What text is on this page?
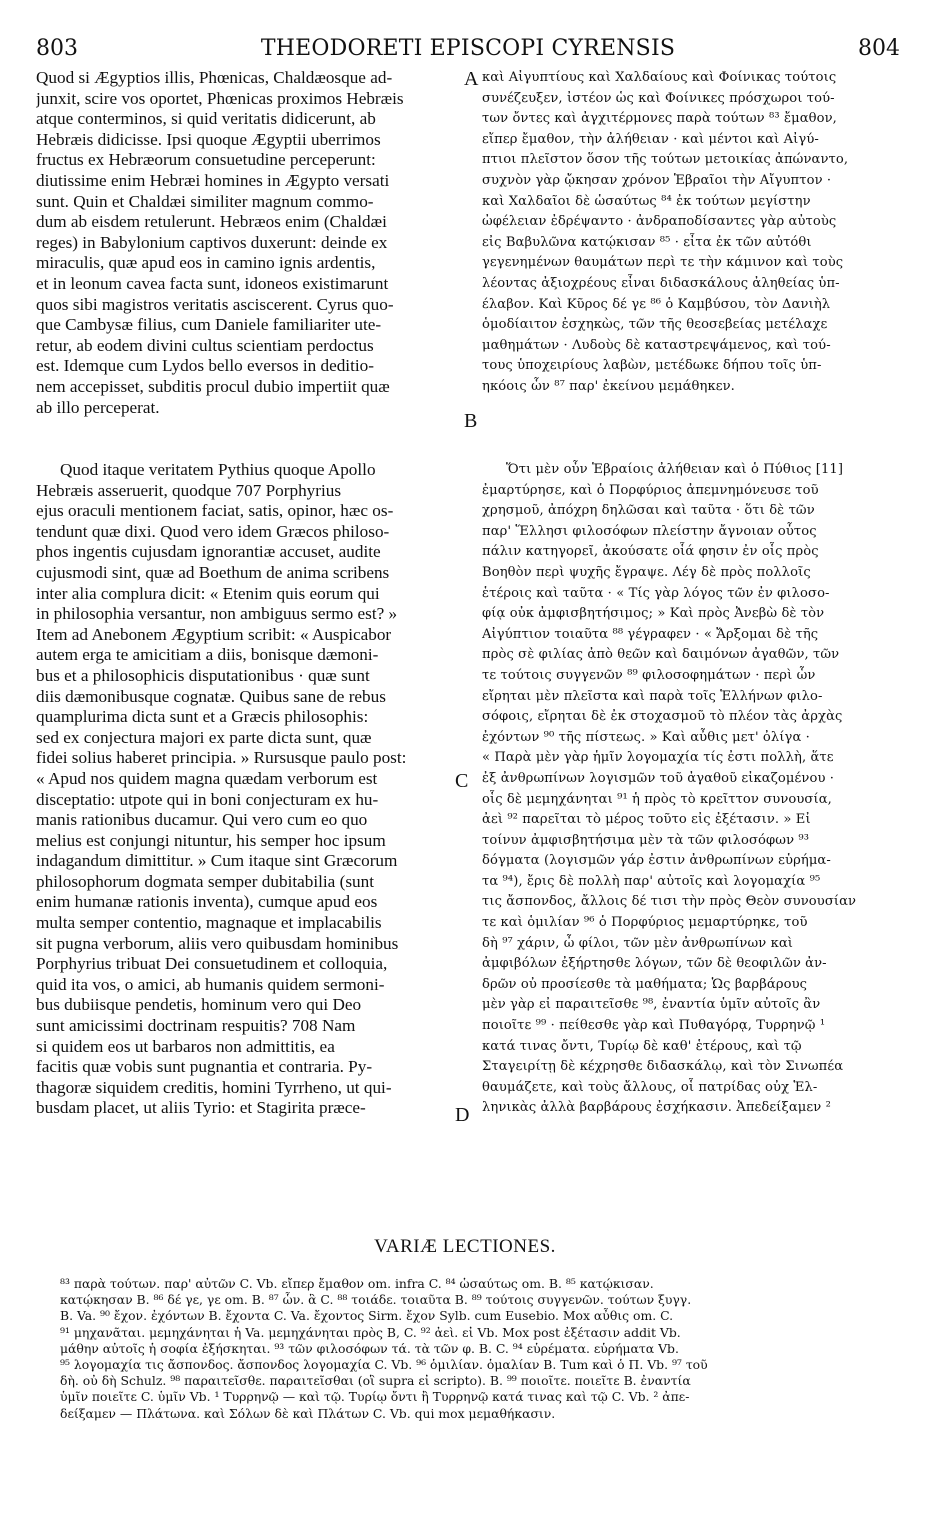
803	THEODORETI EPISCOPI CYRENSIS	804
Quod si Ægyptios illis, Phœnicas, Chaldæosque ad-
junxit, scire vos oportet, Phœnicas proximos Hebræis
atque conterminos, si quid veritatis didicerunt, ab
Hebræis didicisse. Ipsi quoque Ægyptii uberrimos
fructus ex Hebræorum consuetudine perceperunt:
diutissime enim Hebræi homines in Ægypto versati
sunt. Quin et Chaldæi similiter magnum commo-
dum ab eisdem retulerunt. Hebræos enim (Chaldæi
reges) in Babylonium captivos duxerunt: deinde ex
miraculis, quæ apud eos in camino ignis ardentis,
et in leonum cavea facta sunt, idoneos existimarunt
quos sibi magistros veritatis asciscerent. Cyrus quo-
que Cambysæ filius, cum Daniele familiariter ute-
retur, ab eodem divini cultus scientiam perdoctus
est. Idemque cum Lydos bello eversos in deditio-
nem accepisset, subditis procul dubio impertiit quæ
ab illo perceperat.
καὶ Αἰγυπτίους καὶ Χαλδαίους καὶ Φοίνικας τούτοις
συνέζευξεν, ἰστέον ὡς καὶ Φοίνικες πρόσχωροι τού-
των ὄντες καὶ ἀγχιτέρμονες παρὰ τούτων ⁸³ ἔμαθον,
εἴπερ ἔμαθον, τὴν ἀλήθειαν · καὶ μέντοι καὶ Αἰγύ-
πτιοι πλεῖστον ὅσον τῆς τούτων μετοικίας ἀπώναντο,
συχνὸν γὰρ ᾤκησαν χρόνον Ἑβραῖοι τὴν Αἴγυπτον ·
καὶ Χαλδαῖοι δὲ ὡσαύτως ⁸⁴ ἐκ τούτων μεγίστην
ὠφέλειαν ἐδρέψαντο · ἀνδραποδίσαντες γὰρ αὐτοὺς
εἰς Βαβυλῶνα κατῴκισαν ⁸⁵ · εἶτα ἐκ τῶν αὐτόθι
γεγενημένων θαυμάτων περὶ τε τὴν κάμινον καὶ τοὺς
λέοντας ἀξιοχρέους εἶναι διδασκάλους ἀληθείας ὑπ-
έλαβον. Καὶ Κῦρος δέ γε ⁸⁶ ὁ Καμβύσου, τὸν Δανιὴλ
ὁμοδίαιτον ἐσχηκὼς, τῶν τῆς θεοσεβείας μετέλαχε
μαθημάτων · Λυδοὺς δὲ καταστρεψάμενος, καὶ τού-
τους ὑποχειρίους λαβὼν, μετέδωκε δήπου τοῖς ὑπ-
ηκόοις ὧν ⁸⁷ παρ' ἐκείνου μεμάθηκεν.
A
B
C
D
Quod itaque veritatem Pythius quoque Apollo
Hebræis asseruerit, quodque 707 Porphyrius
ejus oraculi mentionem faciat, satis, opinor, hæc os-
tendunt quæ dixi. Quod vero idem Græcos philoso-
phos ingentis cujusdam ignorantiæ accuset, audite
cujusmodi sint, quæ ad Boethum de anima scribens
inter alia complura dicit: « Etenim quis eorum qui
in philosophia versantur, non ambiguus sermo est? »
Item ad Anebonem Ægyptium scribit: « Auspicabor
autem erga te amicitiam a diis, bonisque dæmoni-
bus et a philosophicis disputationibus · quæ sunt
diis dæmonibusque cognatæ. Quibus sane de rebus
quamplurima dicta sunt et a Græcis philosophis:
sed ex conjectura majori ex parte dicta sunt, quæ
fidei solius haberet principia. » Rursusque paulo post:
« Apud nos quidem magna quædam verborum est
disceptatio: utpote qui in boni conjecturam ex hu-
manis rationibus ducamur. Qui vero cum eo quo
melius est conjungi nituntur, his semper hoc ipsum
indagandum dimittitur. » Cum itaque sint Græcorum
philosophorum dogmata semper dubitabilia (sunt
enim humanæ rationis inventa), cumque apud eos
multa semper contentio, magnaque et implacabilis
sit pugna verborum, aliis vero quibusdam hominibus
Porphyrius tribuat Dei consuetudinem et colloquia,
quid ita vos, o amici, ab humanis quidem sermoni-
bus dubiisque pendetis, hominum vero qui Deo
sunt amicissimi doctrinam respuitis? 708 Nam
si quidem eos ut barbaros non admittitis, ea
facitis quæ vobis sunt pugnantia et contraria. Py-
thagoræ siquidem creditis, homini Tyrrheno, ut qui-
busdam placet, ut aliis Tyrio: et Stagirita præce-
Ὅτι μὲν οὖν Ἑβραίοις ἀλήθειαν καὶ ὁ Πύθιος [11]
ἐμαρτύρησε, καὶ ὁ Πορφύριος ἀπεμνημόνευσε τοῦ
χρησμοῦ, ἀπόχρη δηλῶσαι καὶ ταῦτα · ὅτι δὲ τῶν
παρ' Ἕλλησι φιλοσόφων πλείστην ἄγνοιαν οὗτος
πάλιν κατηγορεῖ, ἀκούσατε οἷά φησιν ἐν οἷς πρὸς
Βοηθὸν περὶ ψυχῆς ἔγραψε. Λέγ δὲ πρὸς πολλοῖς
ἑτέροις καὶ ταῦτα · « Τίς γὰρ λόγος τῶν ἐν φιλοσο-
φίᾳ οὐκ ἀμφισβητήσιμος; » Καὶ πρὸς Ἀνεβὼ δὲ τὸν
Αἰγύπτιον τοιαῦτα ⁸⁸ γέγραφεν · « Ἄρξομαι δὲ τῆς
πρὸς σὲ φιλίας ἀπὸ θεῶν καὶ δαιμόνων ἀγαθῶν, τῶν
τε τούτοις συγγενῶν ⁸⁹ φιλοσοφημάτων · περὶ ὧν
εἴρηται μὲν πλεῖστα καὶ παρὰ τοῖς Ἑλλήνων φιλο-
σόφοις, εἴρηται δὲ ἐκ στοχασμοῦ τὸ πλέον τὰς ἀρχὰς
ἐχόντων ⁹⁰ τῆς πίστεως. » Καὶ αὖθις μετ' ὀλίγα ·
« Παρὰ μὲν γὰρ ἡμῖν λογομαχία τίς ἐστι πολλὴ, ἅτε
ἐξ ἀνθρωπίνων λογισμῶν τοῦ ἀγαθοῦ εἰκαζομένου ·
οἷς δὲ μεμηχάνηται ⁹¹ ἡ πρὸς τὸ κρεῖττον συνουσία,
ἀεὶ ⁹² παρεῖται τὸ μέρος τοῦτο εἰς ἐξέτασιν. » Εἰ
τοίνυν ἀμφισβητήσιμα μὲν τὰ τῶν φιλοσόφων ⁹³
δόγματα (λογισμῶν γάρ ἐστιν ἀνθρωπίνων εὑρήμα-
τα ⁹⁴), ἔρις δὲ πολλὴ παρ' αὐτοῖς καὶ λογομαχία ⁹⁵
τις ἄσπονδος, ἄλλοις δέ τισι τὴν πρὸς Θεὸν συνουσίαν
τε καὶ ὁμιλίαν ⁹⁶ ὁ Πορφύριος μεμαρτύρηκε, τοῦ
δὴ ⁹⁷ χάριν, ὦ φίλοι, τῶν μὲν ἀνθρωπίνων καὶ
ἀμφιβόλων ἐξήρτησθε λόγων, τῶν δὲ θεοφιλῶν ἀν-
δρῶν οὐ προσίεσθε τὰ μαθήματα; Ὡς βαρβάρους
μὲν γὰρ εἰ παραιτεῖσθε ⁹⁸, ἐναντία ὑμῖν αὐτοῖς ἂν
ποιοῖτε ⁹⁹ · πείθεσθε γὰρ καὶ Πυθαγόρᾳ, Τυρρηνῷ ¹
κατά τινας ὄντι, Τυρίῳ δὲ καθ' ἑτέρους, καὶ τῷ
Σταγειρίτῃ δὲ κέχρησθε διδασκάλῳ, καὶ τὸν Σινωπέα
θαυμάζετε, καὶ τοὺς ἄλλους, οἷ πατρίδας οὐχ Ἑλ-
ληνικὰς ἀλλὰ βαρβάρους ἐσχήκασιν. Ἀπεδείξαμεν ²
VARIÆ LECTIONES.
⁸³ παρὰ τούτων. παρ' αὐτῶν C. Vb. εἴπερ ἔμαθον om. infra C. ⁸⁴ ὡσαύτως om. B. ⁸⁵ κατῴκισαν.
κατῴκησαν B. ⁸⁶ δέ γε, γε om. B. ⁸⁷ ὧν. ἃ C. ⁸⁸ τοιάδε. τοιαῦτα B. ⁸⁹ τούτοις συγγενῶν. τούτων ξυγγ.
B. Va. ⁹⁰ ἔχον. ἐχόντων B. ἔχοντα C. Va. ἔχοντος Sirm. ἔχον Sylb. cum Eusebio. Mox αὖθις om. C.
⁹¹ μηχανᾶται. μεμηχάνηται ἡ Va. μεμηχάνηται πρὸς B, C. ⁹² ἀεὶ. εἰ Vb. Mox post ἐξέτασιν addit Vb.
μάθην αὐτοῖς ἡ σοφία ἐξήσκηται. ⁹³ τῶν φιλοσόφων τά. τὰ τῶν φ. B. C. ⁹⁴ εὑρέματα. εὑρήματα Vb.
⁹⁵ λογομαχία τις ἄσπονδος. ἄσπονδος λογομαχία C. Vb. ⁹⁶ ὁμιλίαν. ὁμαλίαν B. Tum καὶ ὁ Π. Vb. ⁹⁷ τοῦ
δὴ. οὐ δὴ Schulz. ⁹⁸ παραιτεῖσθε. παραιτεῖσθαι (οἳ supra εἰ scripto). B. ⁹⁹ ποιοῖτε. ποιεῖτε B. ἐναντία
ὑμῖν ποιεῖτε C. ὑμῖν Vb. ¹ Τυρρηνῷ — καὶ τῷ. Τυρίῳ ὄντι ἢ Τυρρηνῷ κατά τινας καὶ τῷ C. Vb. ² ἀπε-
δείξαμεν — Πλάτωνα. καὶ Σόλων δὲ καὶ Πλάτων C. Vb. qui mox μεμαθήκασιν.
